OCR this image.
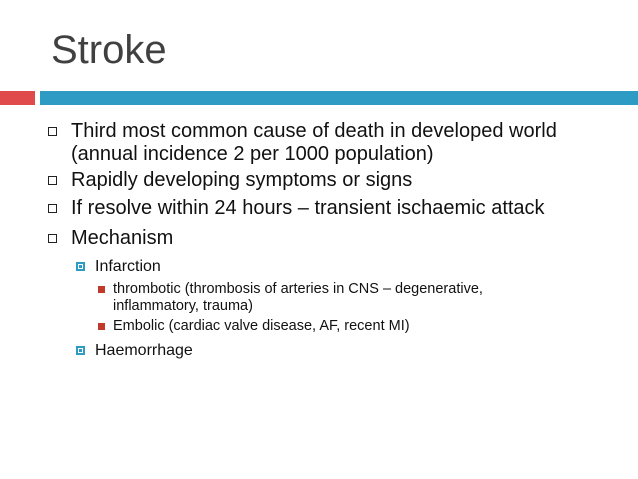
Stroke
Third most common cause of death in developed world (annual incidence 2 per 1000 population)
Rapidly developing symptoms or signs
If resolve within 24 hours – transient ischaemic attack
Mechanism
Infarction
thrombotic (thrombosis of arteries in CNS – degenerative, inflammatory, trauma)
Embolic (cardiac valve disease, AF, recent MI)
Haemorrhage
